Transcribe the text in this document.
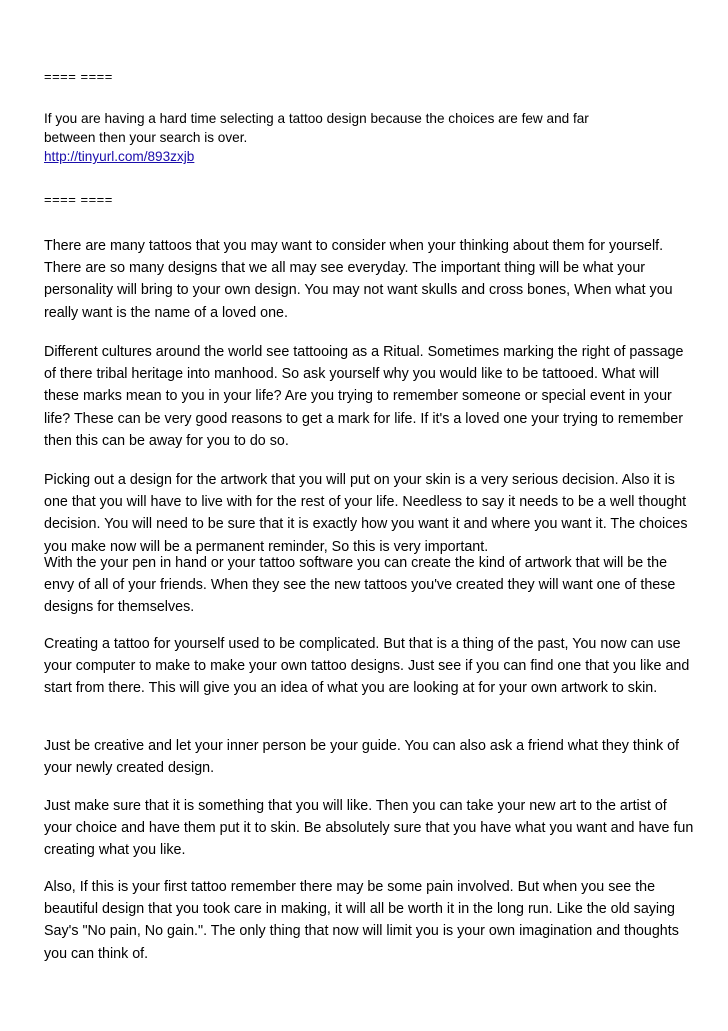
==== ====
If you are having a hard time selecting a tattoo design because the choices are few and far
between then your search is over.
http://tinyurl.com/893zxjb
==== ====

There are many tattoos that you may want to consider when your thinking about them for yourself. There are so many designs that we all may see everyday. The important thing will be what your personality will bring to your own design. You may not want skulls and cross bones, When what you really want is the name of a loved one.

Different cultures around the world see tattooing as a Ritual. Sometimes marking the right of passage of there tribal heritage into manhood. So ask yourself why you would like to be tattooed. What will these marks mean to you in your life? Are you trying to remember someone or special event in your life? These can be very good reasons to get a mark for life. If it's a loved one your trying to remember then this can be away for you to do so.

Picking out a design for the artwork that you will put on your skin is a very serious decision. Also it is one that you will have to live with for the rest of your life. Needless to say it needs to be a well thought decision. You will need to be sure that it is exactly how you want it and where you want it. The choices you make now will be a permanent reminder, So this is very important.

With the your pen in hand or your tattoo software you can create the kind of artwork that will be the envy of all of your friends. When they see the new tattoos you've created they will want one of these designs for themselves.

Creating a tattoo for yourself used to be complicated. But that is a thing of the past, You now can use your computer to make to make your own tattoo designs. Just see if you can find one that you like and start from there. This will give you an idea of what you are looking at for your own artwork to skin.

Just be creative and let your inner person be your guide. You can also ask a friend what they think of your newly created design.

Just make sure that it is something that you will like. Then you can take your new art to the artist of your choice and have them put it to skin. Be absolutely sure that you have what you want and have fun creating what you like.

Also, If this is your first tattoo remember there may be some pain involved. But when you see the beautiful design that you took care in making, it will all be worth it in the long run. Like the old saying Say's "No pain, No gain.". The only thing that now will limit you is your own imagination and thoughts you can think of.
